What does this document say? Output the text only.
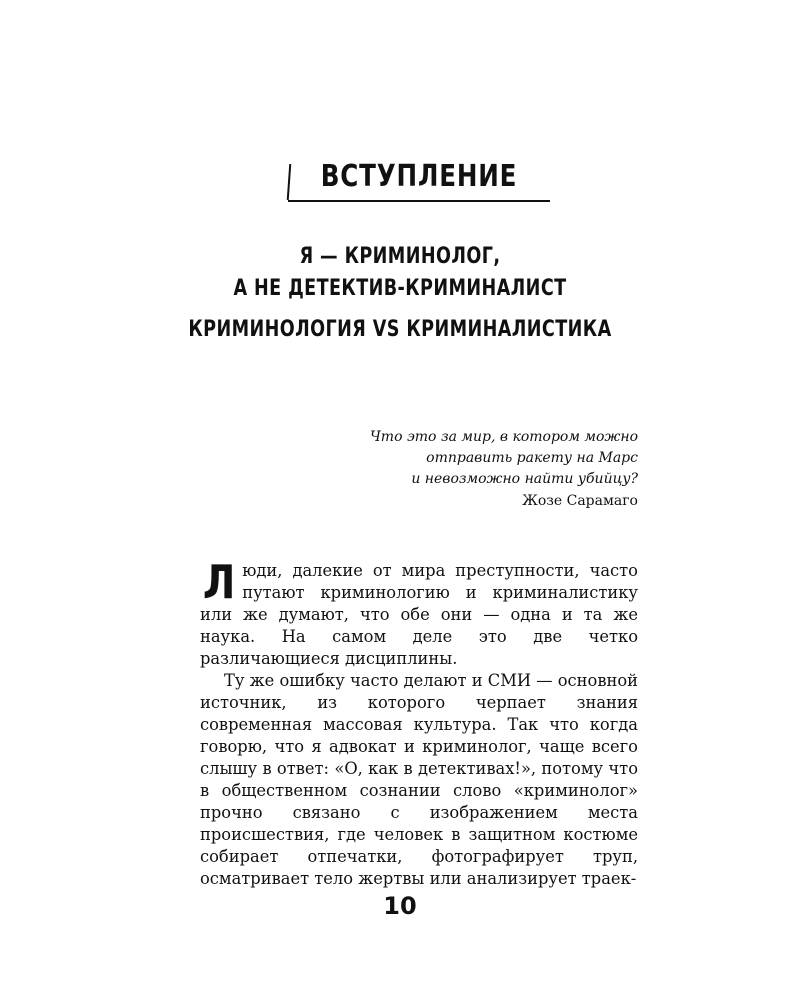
ВСТУПЛЕНИЕ
Я — КРИМИНОЛОГ,
А НЕ ДЕТЕКТИВ-КРИМИНАЛИСТ
КРИМИНОЛОГИЯ VS КРИМИНАЛИСТИКА
Что это за мир, в котором можно
отправить ракету на Марс
и невозможно найти убийцу?
Жозе Сарамаго

Люди, далекие от мира преступности, часто путают криминологию и криминалистику или же думают, что обе они — одна и та же наука. На самом деле это две четко различающиеся дисциплины.

Ту же ошибку часто делают и СМИ — основной источник, из которого черпает знания современная массовая культура. Так что когда говорю, что я адвокат и криминолог, чаще всего слышу в ответ: «О, как в детективах!», потому что в общественном сознании слово «криминолог» прочно связано с изображением места происшествия, где человек в защитном костюме собирает отпечатки, фотографирует труп, осматривает тело жертвы или анализирует траек-

10
